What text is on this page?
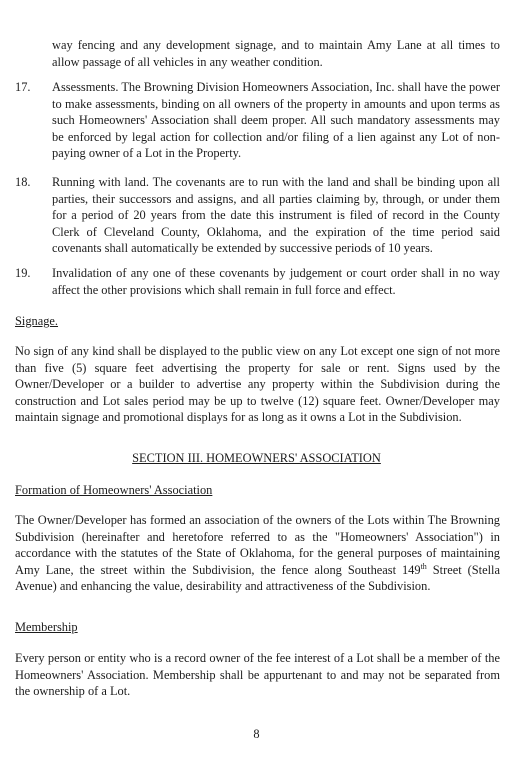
way fencing and any development signage, and to maintain Amy Lane at all times to allow passage of all vehicles in any weather condition.

17. Assessments. The Browning Division Homeowners Association, Inc. shall have the power to make assessments, binding on all owners of the property in amounts and upon terms as such Homeowners' Association shall deem proper. All such mandatory assessments may be enforced by legal action for collection and/or filing of a lien against any Lot of non-paying owner of a Lot in the Property.

18. Running with land. The covenants are to run with the land and shall be binding upon all parties, their successors and assigns, and all parties claiming by, through, or under them for a period of 20 years from the date this instrument is filed of record in the County Clerk of Cleveland County, Oklahoma, and the expiration of the time period said covenants shall automatically be extended by successive periods of 10 years.

19. Invalidation of any one of these covenants by judgement or court order shall in no way affect the other provisions which shall remain in full force and effect.

Signage.

No sign of any kind shall be displayed to the public view on any Lot except one sign of not more than five (5) square feet advertising the property for sale or rent. Signs used by the Owner/Developer or a builder to advertise any property within the Subdivision during the construction and Lot sales period may be up to twelve (12) square feet. Owner/Developer may maintain signage and promotional displays for as long as it owns a Lot in the Subdivision.

SECTION III. HOMEOWNERS' ASSOCIATION

Formation of Homeowners' Association

The Owner/Developer has formed an association of the owners of the Lots within The Browning Subdivision (hereinafter and heretofore referred to as the "Homeowners' Association") in accordance with the statutes of the State of Oklahoma, for the general purposes of maintaining Amy Lane, the street within the Subdivision, the fence along Southeast 149th Street (Stella Avenue) and enhancing the value, desirability and attractiveness of the Subdivision.

Membership

Every person or entity who is a record owner of the fee interest of a Lot shall be a member of the Homeowners' Association. Membership shall be appurtenant to and may not be separated from the ownership of a Lot.

8
